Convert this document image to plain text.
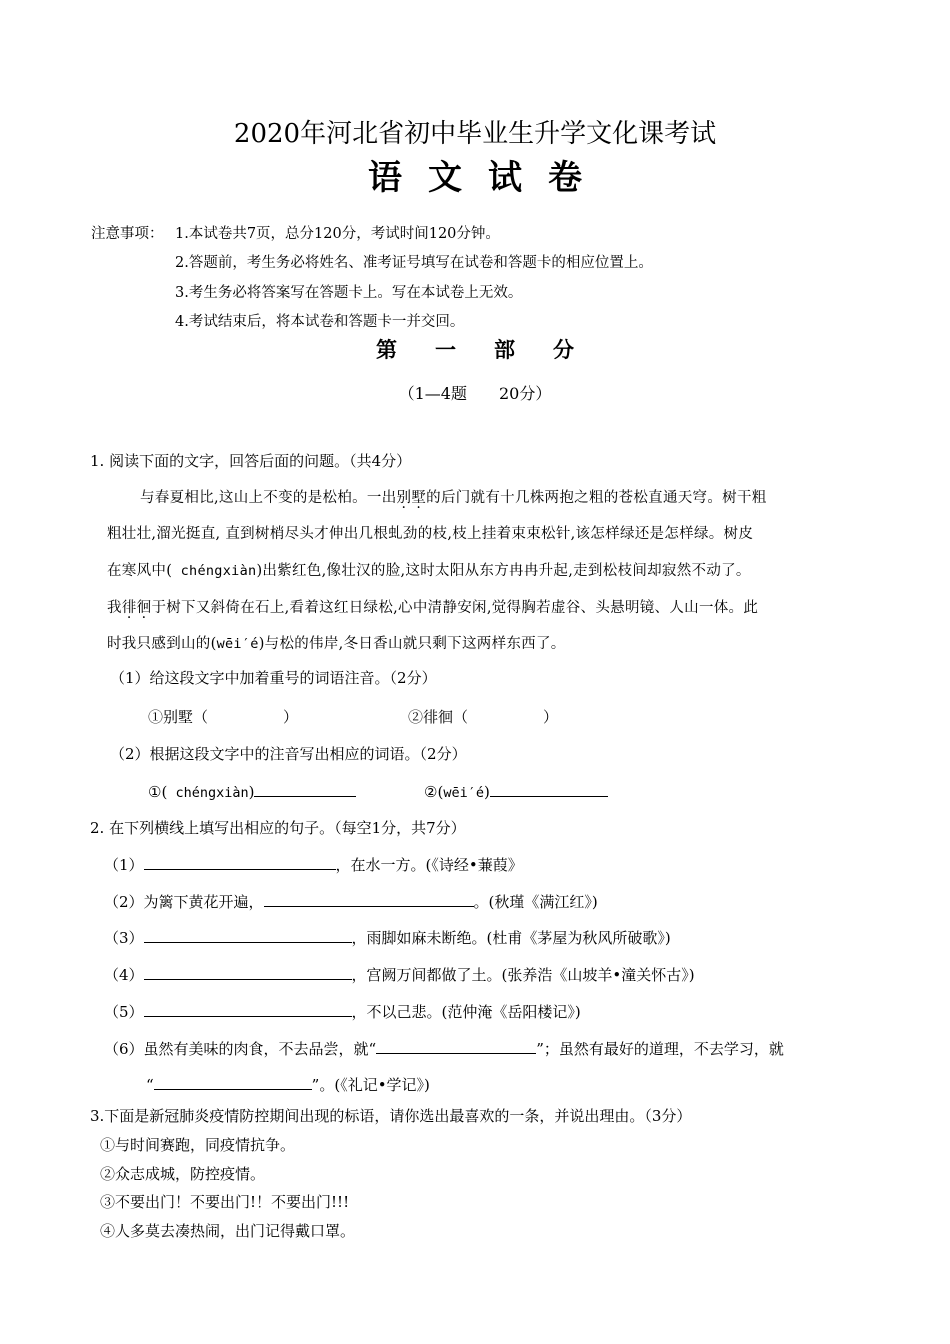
2020年河北省初中毕业生升学文化课考试
语文试卷
注意事项： 1.本试卷共7页，总分120分，考试时间120分钟。
2.答题前，考生务必将姓名、准考证号填写在试卷和答题卡的相应位置上。
3.考生务必将答案写在答题卡上。写在本试卷上无效。
4.考试结束后，将本试卷和答题卡一并交回。
第一部分
（1—4题　　20分）
1. 阅读下面的文字，回答后面的问题。（共4分）
与春夏相比,这山上不变的是松柏。一出别墅的后门就有十几株两抱之粗的苍松直通天穹。树干粗
粗壮壮,溜光挺直, 直到树梢尽头才伸出几根虬劲的枝,枝上挂着束束松针,该怎样绿还是怎样绿。树皮
在寒风中( chéngxiàn)出紫红色,像壮汉的脸,这时太阳从东方冉冉升起,走到松枝间却寂然不动了。
我徘徊于树下又斜倚在石上,看着这红日绿松,心中清静安闲,觉得胸若虚谷、头悬明镜、人山一体。此
时我只感到山的(wēi′é)与松的伟岸,冬日香山就只剩下这两样东西了。
（1）给这段文字中加着重号的词语注音。（2分）
①别墅（　　　　　）	②徘徊（　　　　　）
（2）根据这段文字中的注音写出相应的词语。（2分）
①( chéngxiàn)	②(wēi′é)
2. 在下列横线上填写出相应的句子。（每空1分，共7分）
（1）	，在水一方。(《诗经•蒹葭》
（2）为篱下黄花开遍，	。(秋瑾《满江红》)
（3）	，雨脚如麻未断绝。(杜甫《茅屋为秋风所破歌》)
（4）	，宫阙万间都做了土。(张养浩《山坡羊•潼关怀古》)
（5）	，不以己悲。(范仲淹《岳阳楼记》)
（6）虽然有美味的肉食，不去品尝，就“	”；虽然有最好的道理，不去学习，就
“	”。(《礼记•学记》)
3.下面是新冠肺炎疫情防控期间出现的标语，请你选出最喜欢的一条，并说出理由。（3分）
①与时间赛跑，同疫情抗争。
②众志成城，防控疫情。
③不要出门！不要出门!！不要出门!!!
④人多莫去凑热闹，出门记得戴口罩。
